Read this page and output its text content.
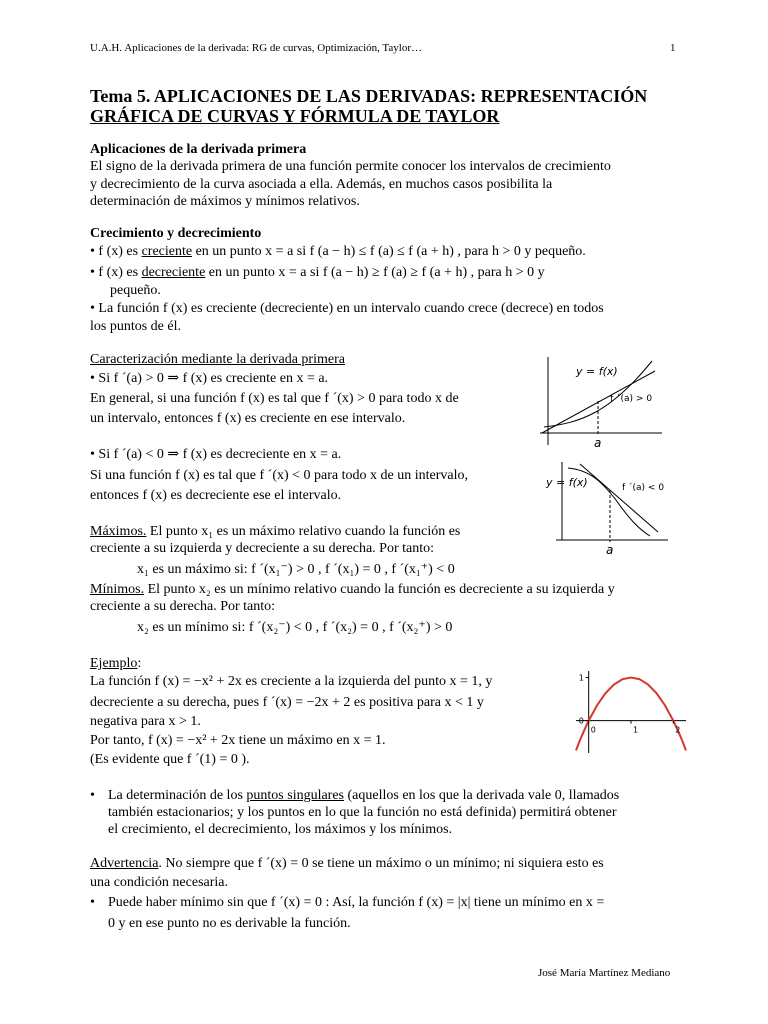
U.A.H. Aplicaciones de la derivada: RG de curvas, Optimización, Taylor…	1
Tema 5. APLICACIONES DE LAS DERIVADAS: REPRESENTACIÓN
GRÁFICA DE CURVAS Y FÓRMULA DE TAYLOR
Aplicaciones de la derivada primera
El signo de la derivada primera de una función permite conocer los intervalos de crecimiento
y decrecimiento de la curva asociada a ella. Además, en muchos casos posibilita la
determinación de máximos y mínimos relativos.
Crecimiento y decrecimiento
• f (x) es creciente en un punto x = a si f (a − h) ≤ f (a) ≤ f (a + h) , para h > 0 y pequeño.
• f (x) es decreciente en un punto x = a si f (a − h) ≥ f (a) ≥ f (a + h) , para h > 0 y
pequeño.
• La función f (x) es creciente (decreciente) en un intervalo cuando crece (decrece) en todos
los puntos de él.
Caracterización mediante la derivada primera
• Si f ´(a) > 0 ⇒ f (x) es creciente en x = a.
En general, si una función f (x) es tal que f ´(x) > 0 para todo x de
un intervalo, entonces f (x) es creciente en ese intervalo.
• Si f ´(a) < 0 ⇒ f (x) es decreciente en x = a.
Si una función f (x) es tal que f ´(x) < 0 para todo x de un intervalo,
entonces f (x) es decreciente ese el intervalo.
y = f(x)
f ´(a) > 0
a
y = f(x)	f ´(a) < 0
a
Máximos. El punto x₁ es un máximo relativo cuando la función es
creciente a su izquierda y decreciente a su derecha. Por tanto:
x₁ es un máximo si: f ´(x₁⁻) > 0 , f ´(x₁) = 0 , f ´(x₁⁺) < 0
Mínimos. El punto x₂ es un mínimo relativo cuando la función es decreciente a su izquierda y
creciente a su derecha. Por tanto:
x₂ es un mínimo si: f ´(x₂⁻) < 0 , f ´(x₂) = 0 , f ´(x₂⁺) > 0
Ejemplo:
La función f (x) = −x² + 2x es creciente a la izquierda del punto x = 1, y
decreciente a su derecha, pues f ´(x) = −2x + 2 es positiva para x < 1 y
negativa para x > 1.
Por tanto, f (x) = −x² + 2x tiene un máximo en x = 1.
(Es evidente que f ´(1) = 0 ).
0	1	2
0
1
• La determinación de los puntos singulares (aquellos en los que la derivada vale 0, llamados
también estacionarios; y los puntos en lo que la función no está definida) permitirá obtener
el crecimiento, el decrecimiento, los máximos y los mínimos.
Advertencia. No siempre que f ´(x) = 0 se tiene un máximo o un mínimo; ni siquiera esto es
una condición necesaria.
• Puede haber mínimo sin que f ´(x) = 0 : Así, la función f (x) = |x| tiene un mínimo en x =
0 y en ese punto no es derivable la función.
José María Martínez Mediano
